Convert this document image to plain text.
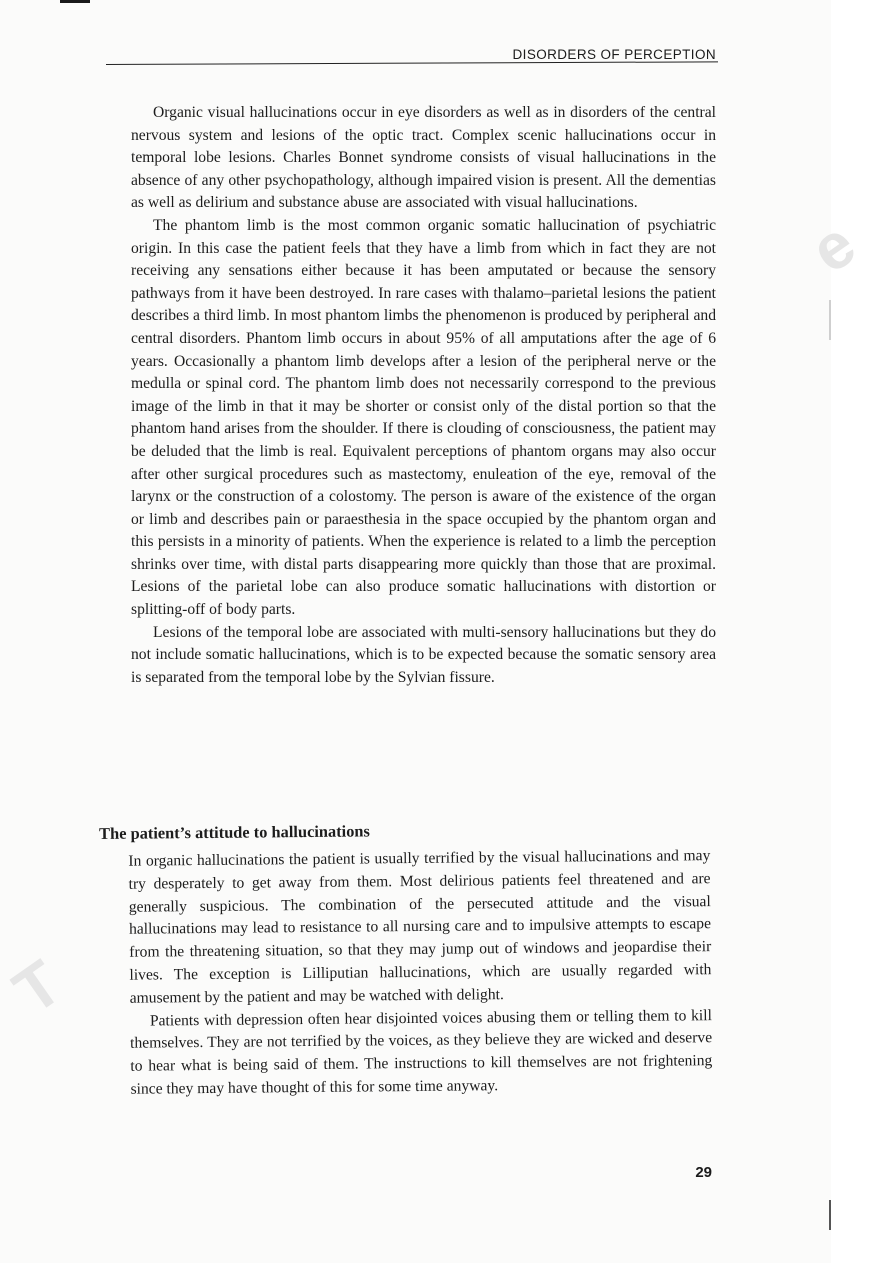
T
e
DISORDERS OF PERCEPTION

Organic visual hallucinations occur in eye disorders as well as in disorders of the central nervous system and lesions of the optic tract. Complex scenic hallucinations occur in temporal lobe lesions. Charles Bonnet syndrome consists of visual hallucinations in the absence of any other psychopathology, although impaired vision is present. All the dementias as well as delirium and substance abuse are associated with visual hallucinations.

The phantom limb is the most common organic somatic hallucination of psychiatric origin. In this case the patient feels that they have a limb from which in fact they are not receiving any sensations either because it has been amputated or because the sensory pathways from it have been destroyed. In rare cases with thalamo–parietal lesions the patient describes a third limb. In most phantom limbs the phenomenon is produced by peripheral and central disorders. Phantom limb occurs in about 95% of all amputations after the age of 6 years. Occasionally a phantom limb develops after a lesion of the peripheral nerve or the medulla or spinal cord. The phantom limb does not necessarily correspond to the previous image of the limb in that it may be shorter or consist only of the distal portion so that the phantom hand arises from the shoulder. If there is clouding of consciousness, the patient may be deluded that the limb is real. Equivalent perceptions of phantom organs may also occur after other surgical procedures such as mastectomy, enuleation of the eye, removal of the larynx or the construction of a colostomy. The person is aware of the existence of the organ or limb and describes pain or paraesthesia in the space occupied by the phantom organ and this persists in a minority of patients. When the experience is related to a limb the perception shrinks over time, with distal parts disappearing more quickly than those that are proximal. Lesions of the parietal lobe can also produce somatic hallucinations with distortion or splitting-off of body parts.

Lesions of the temporal lobe are associated with multi-sensory hallucinations but they do not include somatic hallucinations, which is to be expected because the somatic sensory area is separated from the temporal lobe by the Sylvian fissure.

The patient’s attitude to hallucinations

In organic hallucinations the patient is usually terrified by the visual hallucinations and may try desperately to get away from them. Most delirious patients feel threatened and are generally suspicious. The combination of the persecuted attitude and the visual hallucinations may lead to resistance to all nursing care and to impulsive attempts to escape from the threatening situation, so that they may jump out of windows and jeopardise their lives. The exception is Lilliputian hallucinations, which are usually regarded with amusement by the patient and may be watched with delight.

Patients with depression often hear disjointed voices abusing them or telling them to kill themselves. They are not terrified by the voices, as they believe they are wicked and deserve to hear what is being said of them. The instructions to kill themselves are not frightening since they may have thought of this for some time anyway.

29
